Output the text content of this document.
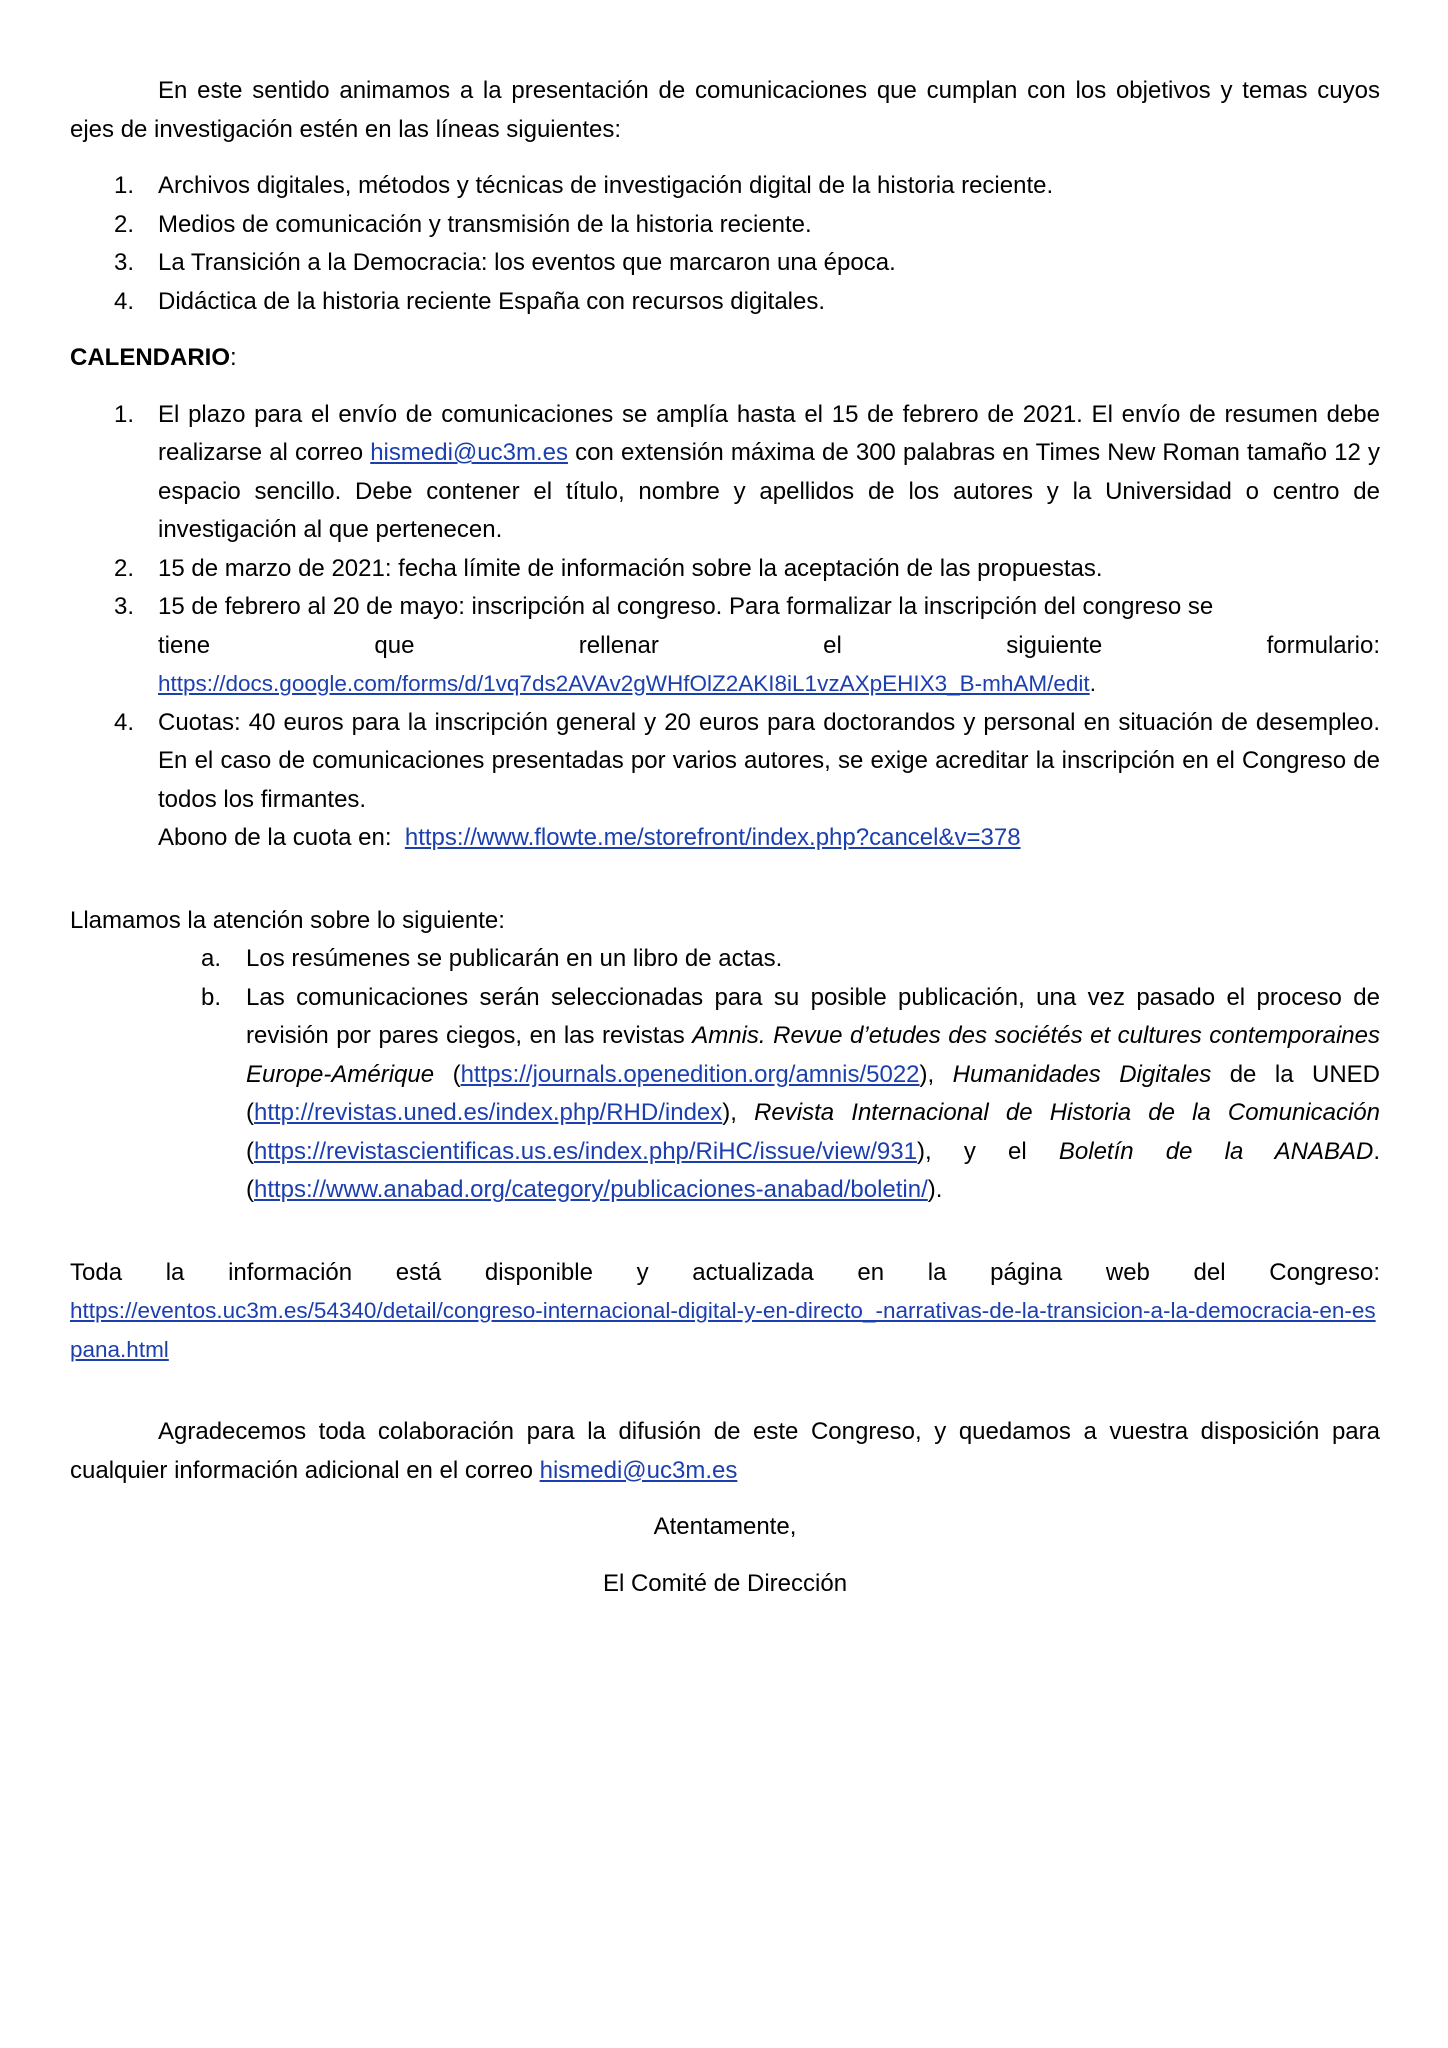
En este sentido animamos a la presentación de comunicaciones que cumplan con los objetivos y temas cuyos ejes de investigación estén en las líneas siguientes:

1. Archivos digitales, métodos y técnicas de investigación digital de la historia reciente.
2. Medios de comunicación y transmisión de la historia reciente.
3. La Transición a la Democracia: los eventos que marcaron una época.
4. Didáctica de la historia reciente España con recursos digitales.

CALENDARIO:

1. El plazo para el envío de comunicaciones se amplía hasta el 15 de febrero de 2021. El envío de resumen debe realizarse al correo hismedi@uc3m.es con extensión máxima de 300 palabras en Times New Roman tamaño 12 y espacio sencillo. Debe contener el título, nombre y apellidos de los autores y la Universidad o centro de investigación al que pertenecen.
2. 15 de marzo de 2021: fecha límite de información sobre la aceptación de las propuestas.
3. 15 de febrero al 20 de mayo: inscripción al congreso. Para formalizar la inscripción del congreso se
tiene	que	rellenar	el	siguiente	formulario:
https://docs.google.com/forms/d/1vq7ds2AVAv2gWHfOlZ2AKI8iL1vzAXpEHIX3_B-mhAM/edit.
4. Cuotas: 40 euros para la inscripción general y 20 euros para doctorandos y personal en situación de desempleo. En el caso de comunicaciones presentadas por varios autores, se exige acreditar la inscripción en el Congreso de todos los firmantes.
Abono de la cuota en: https://www.flowte.me/storefront/index.php?cancel&v=378

Llamamos la atención sobre lo siguiente:

a. Los resúmenes se publicarán en un libro de actas.
b. Las comunicaciones serán seleccionadas para su posible publicación, una vez pasado el proceso de revisión por pares ciegos, en las revistas Amnis. Revue d’etudes des sociétés et cultures contemporaines Europe-Amérique (https://journals.openedition.org/amnis/5022), Humanidades Digitales de la UNED (http://revistas.uned.es/index.php/RHD/index), Revista Internacional de Historia de la Comunicación (https://revistascientificas.us.es/index.php/RiHC/issue/view/931), y el Boletín de la ANABAD. (https://www.anabad.org/category/publicaciones-anabad/boletin/).

Toda la información está disponible y actualizada en la página web del Congreso:

https://eventos.uc3m.es/54340/detail/congreso-internacional-digital-y-en-directo_-narrativas-de-la-transicion-a-la-democracia-en-espana.html

Agradecemos toda colaboración para la difusión de este Congreso, y quedamos a vuestra disposición para cualquier información adicional en el correo hismedi@uc3m.es

Atentamente,

El Comité de Dirección
